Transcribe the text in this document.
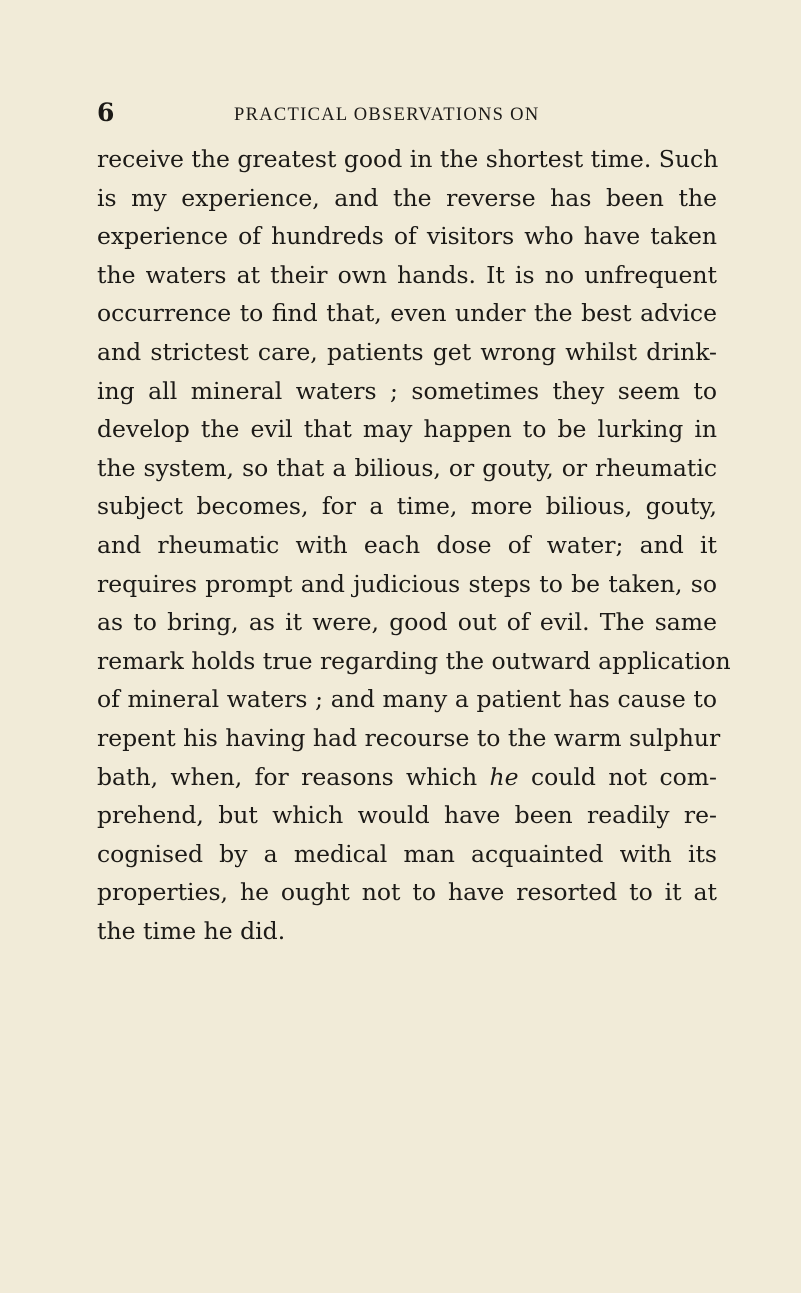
6	PRACTICAL OBSERVATIONS ON
receive the greatest good in the shortest time. Such
is my experience, and the reverse has been the
experience of hundreds of visitors who have taken
the waters at their own hands. It is no unfrequent
occurrence to find that, even under the best advice
and strictest care, patients get wrong whilst drink-
ing all mineral waters ; sometimes they seem to
develop the evil that may happen to be lurking in
the system, so that a bilious, or gouty, or rheumatic
subject becomes, for a time, more bilious, gouty,
and rheumatic with each dose of water; and it
requires prompt and judicious steps to be taken, so
as to bring, as it were, good out of evil. The same
remark holds true regarding the outward application
of mineral waters ; and many a patient has cause to
repent his having had recourse to the warm sulphur
bath, when, for reasons which he could not com-
prehend, but which would have been readily re-
cognised by a medical man acquainted with its
properties, he ought not to have resorted to it at
the time he did.
